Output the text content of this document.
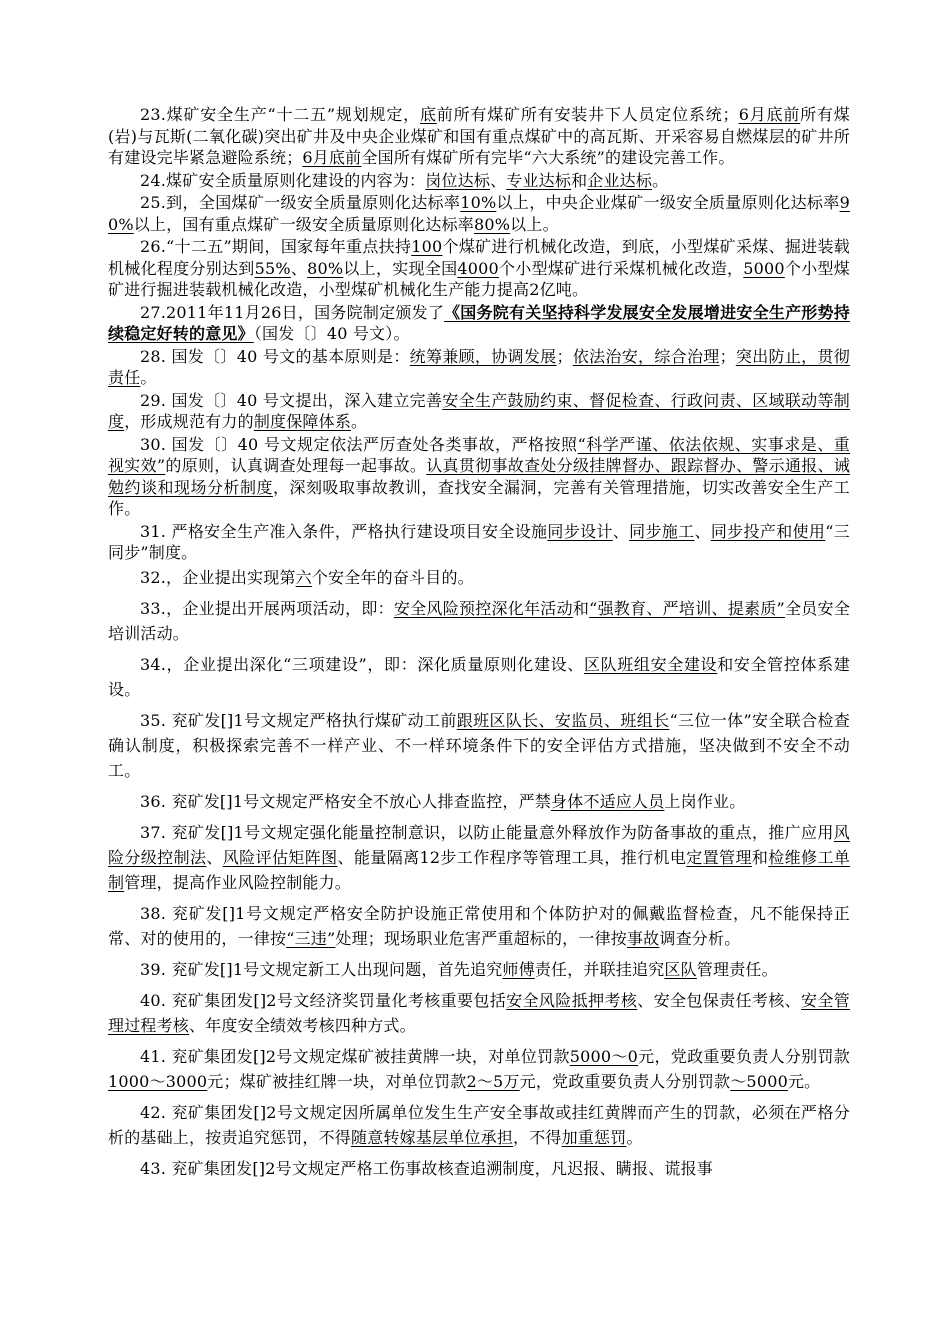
23.煤矿安全生产“十二五”规划规定，底前所有煤矿所有安装井下人员定位系统；6月底前所有煤(岩)与瓦斯(二氧化碳)突出矿井及中央企业煤矿和国有重点煤矿中的高瓦斯、开采容易自燃煤层的矿井所有建设完毕紧急避险系统；6月底前全国所有煤矿所有完毕“六大系统”的建设完善工作。

24.煤矿安全质量原则化建设的内容为：岗位达标、专业达标和企业达标。

25.到，全国煤矿一级安全质量原则化达标率10%以上，中央企业煤矿一级安全质量原则化达标率90%以上，国有重点煤矿一级安全质量原则化达标率80%以上。

26.“十二五”期间，国家每年重点扶持100个煤矿进行机械化改造，到底，小型煤矿采煤、掘进装载机械化程度分别达到55%、80%以上，实现全国4000个小型煤矿进行采煤机械化改造，5000个小型煤矿进行掘进装载机械化改造，小型煤矿机械化生产能力提高2亿吨。

27.2011年11月26日，国务院制定颁发了《国务院有关坚持科学发展安全发展增进安全生产形势持续稳定好转的意见》（国发〔〕40 号文）。

28. 国发〔〕40 号文的基本原则是：统筹兼顾，协调发展；依法治安，综合治理；突出防止，贯彻责任。

29. 国发〔〕40 号文提出，深入建立完善安全生产鼓励约束、督促检查、行政问责、区域联动等制度，形成规范有力的制度保障体系。

30. 国发〔〕40 号文规定依法严厉查处各类事故，严格按照“科学严谨、依法依规、实事求是、重视实效”的原则，认真调查处理每一起事故。认真贯彻事故查处分级挂牌督办、跟踪督办、警示通报、诫勉约谈和现场分析制度，深刻吸取事故教训，查找安全漏洞，完善有关管理措施，切实改善安全生产工作。

31. 严格安全生产准入条件，严格执行建设项目安全设施同步设计、同步施工、同步投产和使用“三同步”制度。

32.，企业提出实现第六个安全年的奋斗目的。

33.，企业提出开展两项活动，即：安全风险预控深化年活动和“强教育、严培训、提素质”全员安全培训活动。

34.，企业提出深化“三项建设”，即：深化质量原则化建设、区队班组安全建设和安全管控体系建设。

35. 兖矿发[]1号文规定严格执行煤矿动工前跟班区队长、安监员、班组长“三位一体”安全联合检查确认制度，积极探索完善不一样产业、不一样环境条件下的安全评估方式措施，坚决做到不安全不动工。

36. 兖矿发[]1号文规定严格安全不放心人排查监控，严禁身体不适应人员上岗作业。

37. 兖矿发[]1号文规定强化能量控制意识，以防止能量意外释放作为防备事故的重点，推广应用风险分级控制法、风险评估矩阵图、能量隔离12步工作程序等管理工具，推行机电定置管理和检维修工单制管理，提高作业风险控制能力。

38. 兖矿发[]1号文规定严格安全防护设施正常使用和个体防护对的佩戴监督检查，凡不能保持正常、对的使用的，一律按“三违”处理；现场职业危害严重超标的，一律按事故调查分析。

39. 兖矿发[]1号文规定新工人出现问题，首先追究师傅责任，并联挂追究区队管理责任。

40. 兖矿集团发[]2号文经济奖罚量化考核重要包括安全风险抵押考核、安全包保责任考核、安全管理过程考核、年度安全绩效考核四种方式。

41. 兖矿集团发[]2号文规定煤矿被挂黄牌一块，对单位罚款5000～0元，党政重要负责人分别罚款1000～3000元；煤矿被挂红牌一块，对单位罚款2～5万元，党政重要负责人分别罚款～5000元。

42. 兖矿集团发[]2号文规定因所属单位发生生产安全事故或挂红黄牌而产生的罚款，必须在严格分析的基础上，按责追究惩罚，不得随意转嫁基层单位承担，不得加重惩罚。

43. 兖矿集团发[]2号文规定严格工伤事故核查追溯制度，凡迟报、瞒报、谎报事
